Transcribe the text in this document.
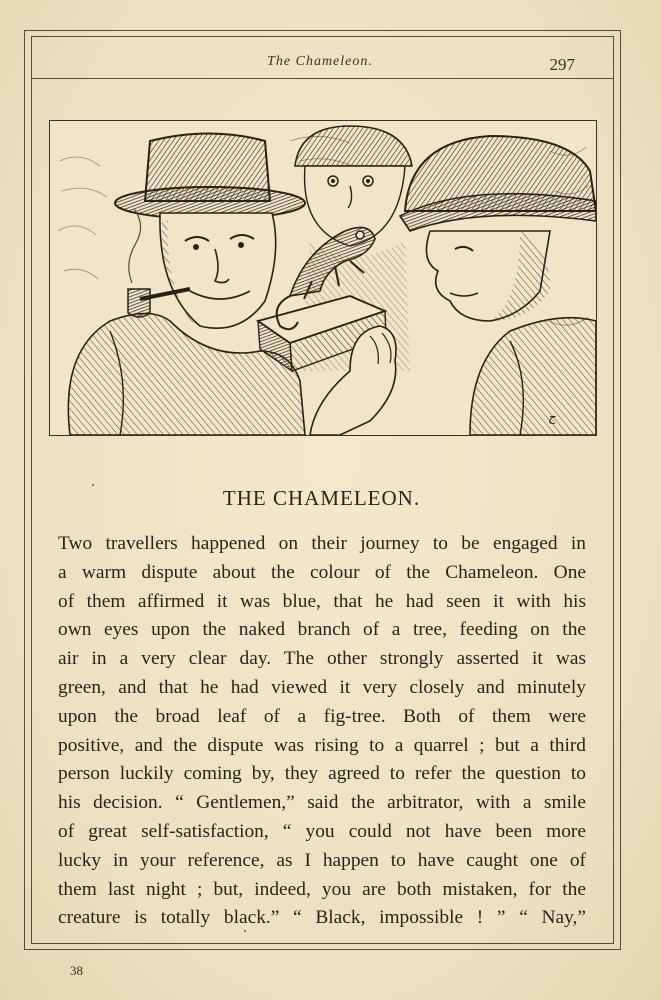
The Chameleon.	297
ج
THE CHAMELEON.
Two travellers happened on their journey to be engaged in
a warm dispute about the colour of the Chameleon. One
of them affirmed it was blue, that he had seen it with his
own eyes upon the naked branch of a tree, feeding on the
air in a very clear day. The other strongly asserted it was
green, and that he had viewed it very closely and minutely
upon the broad leaf of a fig-tree. Both of them were
positive, and the dispute was rising to a quarrel ; but a third
person luckily coming by, they agreed to refer the question to
his decision. “ Gentlemen,” said the arbitrator, with a smile
of great self-satisfaction, “ you could not have been more
lucky in your reference, as I happen to have caught one of
them last night ; but, indeed, you are both mistaken, for the
creature is totally black.” “ Black, impossible ! ” “ Nay,”
38
